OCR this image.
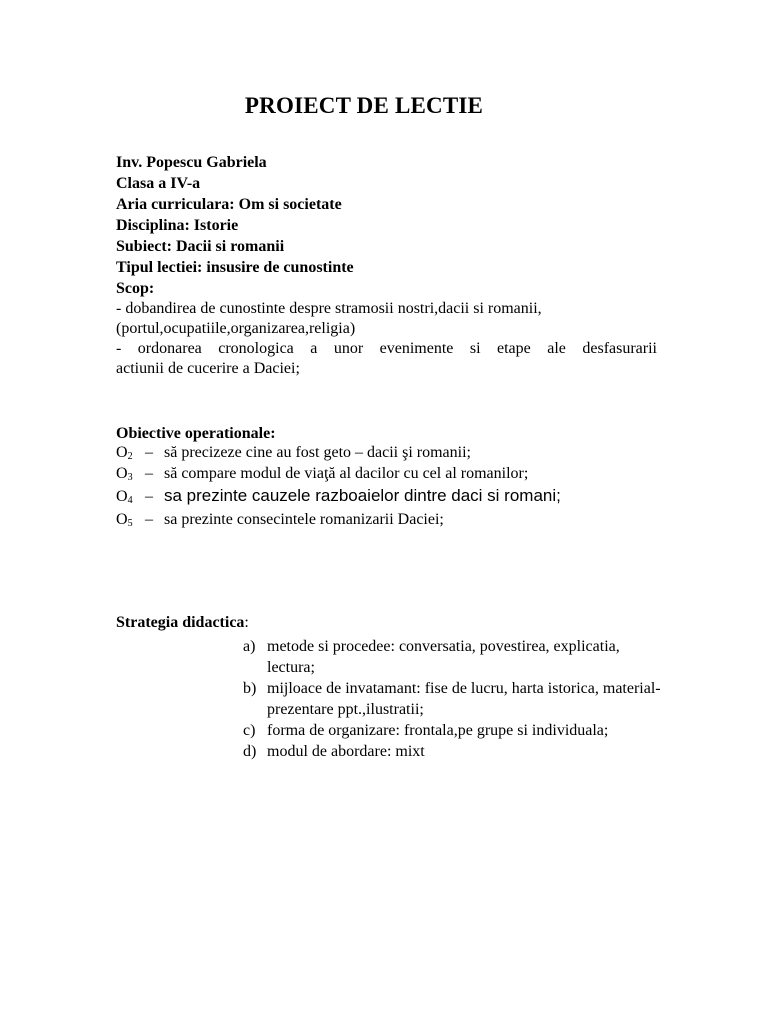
PROIECT DE LECTIE
Inv. Popescu Gabriela
Clasa a IV-a
Aria curriculara: Om si societate
Disciplina: Istorie
Subiect: Dacii si romanii
Tipul lectiei: insusire de cunostinte
Scop:

- dobandirea de cunostinte despre stramosii nostri,dacii si romanii,

(portul,ocupatiile,organizarea,religia)

- ordonarea cronologica a unor evenimente si etape ale desfasurarii

actiunii de cucerire a Daciei;

Obiective operationale:
$O_2$ – să precizeze cine au fost geto – dacii şi romanii;
$O_3$ – să compare modul de viaţă al dacilor cu cel al romanilor;
$O_4$ – sa prezinte cauzele razboaielor dintre daci si romani;
$O_5$ – sa prezinte consecintele romanizarii Daciei;
Strategia didactica:
a) metode si procedee: conversatia, povestirea, explicatia, lectura;
b) mijloace de invatamant: fise de lucru, harta istorica, material-prezentare ppt.,ilustratii;
c) forma de organizare: frontala,pe grupe si individuala;
d) modul de abordare: mixt
